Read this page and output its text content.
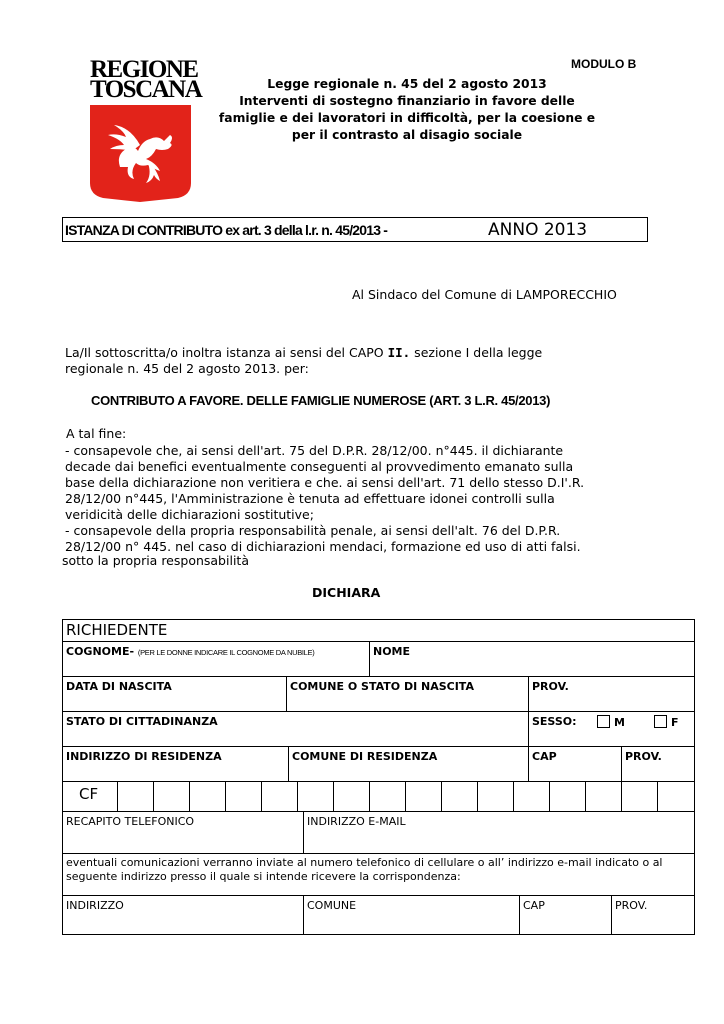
MODULO B
REGIONE
TOSCANA	Legge regionale n. 45 del 2 agosto 2013
Interventi di sostegno finanziario in favore delle
famiglie e dei lavoratori in difficoltà, per la coesione e
per il contrasto al disagio sociale
ISTANZA DI CONTRIBUTO ex art. 3 della l.r. n. 45/2013 -	ANNO 2013
Al Sindaco del Comune di LAMPORECCHIO
La/Il sottoscritta/o inoltra istanza ai sensi del CAPO II. sezione I della legge
regionale n. 45 del 2 agosto 2013. per:
CONTRIBUTO A FAVORE. DELLE FAMIGLIE NUMEROSE (ART. 3 L.R. 45/2013)
A tal fine:
- consapevole che, ai sensi dell'art. 75 del D.P.R. 28/12/00. n°445. il dichiarante
decade dai benefici eventualmente conseguenti al provvedimento emanato sulla
base della dichiarazione non veritiera e che. ai sensi dell'art. 71 dello stesso D.I'.R.
28/12/00 n°445, l'Amministrazione è tenuta ad effettuare idonei controlli sulla
veridicità delle dichiarazioni sostitutive;
- consapevole della propria responsabilità penale, ai sensi dell'alt. 76 del D.P.R.
28/12/00 n° 445. nel caso di dichiarazioni mendaci, formazione ed uso di atti falsi.
sotto la propria responsabilità
DICHIARA
RICHIEDENTE
COGNOME- (PER LE DONNE INDICARE IL COGNOME DA NUBILE)	NOME
DATA DI NASCITA	COMUNE O STATO DI NASCITA	PROV.
STATO DI CITTADINANZA	SESSO:	M	F
INDIRIZZO DI RESIDENZA	COMUNE DI RESIDENZA	CAP	PROV.
CF
RECAPITO TELEFONICO	INDIRIZZO E-MAIL
eventuali comunicazioni verranno inviate al numero telefonico di cellulare o all’ indirizzo e-mail indicato o al seguente indirizzo presso il quale si intende ricevere la corrispondenza:
INDIRIZZO	COMUNE	CAP	PROV.
